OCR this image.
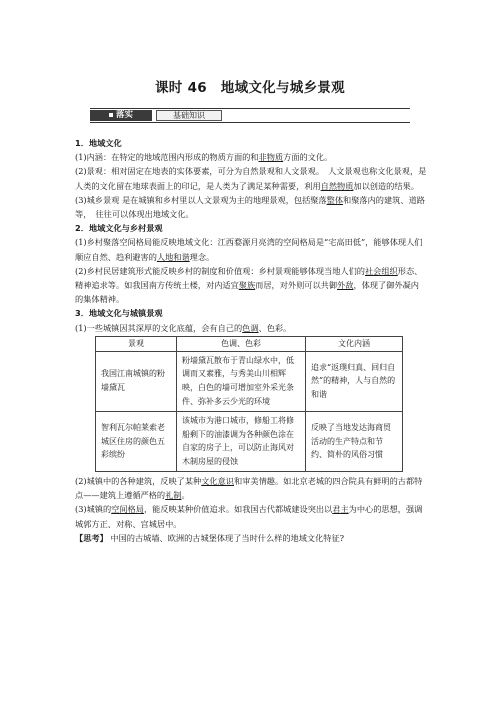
课时 46　地域文化与城乡景观
落实	基础知识

1．地域文化

(1)内涵：在特定的地域范围内形成的物质方面的和非物质方面的文化。

(2)景观：相对固定在地表的实体要素，可分为自然景观和人文景观。　人文景观也称文化景观，是人类的文化留在地球表面上的印记，是人类为了满足某种需要，利用自然物质加以创造的结果。

(3)城乡景观 是在城镇和乡村里以人文景观为主的地理景观，包括聚落整体和聚落内的建筑、道路等，　往往可以体现出地域文化。

2．地域文化与乡村景观

(1)乡村聚落空间格局能反映地域文化：江西婺源月亮湾的空间格局是“宅高田低”，能够体现人们顺应自然、趋利避害的人地和谐理念。

(2)乡村民居建筑形式能反映乡村的制度和价值观：乡村景观能够体现当地人们的社会组织形态、精神追求等。如我国南方传统土楼，对内适宜聚族而居，对外则可以共御外敌，体现了御外凝内的集体精神。

3．地域文化与城镇景观

(1)一些城镇因其深厚的文化底蕴，会有自己的色调、色彩。

景观	色调、色彩	文化内涵
我国江南城镇的粉墙黛瓦	粉墙黛瓦散布于青山绿水中，低调而又素雅，与秀美山川相辉映，白色的墙可增加室外采光条件、弥补多云少光的环境	追求“返璞归真、回归自然”的精神，人与自然的和谐
智利瓦尔帕莱索老城区住房的颜色五彩缤纷	该城市为港口城市，修船工将修船剩下的油漆调为各种颜色涂在自家的房子上，可以防止海风对木制房屋的侵蚀	反映了当地发达海商贸活动的生产特点和节约、简朴的风俗习惯

(2)城镇中的各种建筑，反映了某种文化意识和审美情趣。如北京老城的四合院具有鲜明的古都特点——建筑上遵循严格的礼制。

(3)城镇的空间格局，能反映某种价值追求。如我国古代都城建设突出以君主为中心的思想，强调城郭方正、对称、宫城居中。

【思考】 中国的古城墙、欧洲的古城堡体现了当时什么样的地域文化特征?
